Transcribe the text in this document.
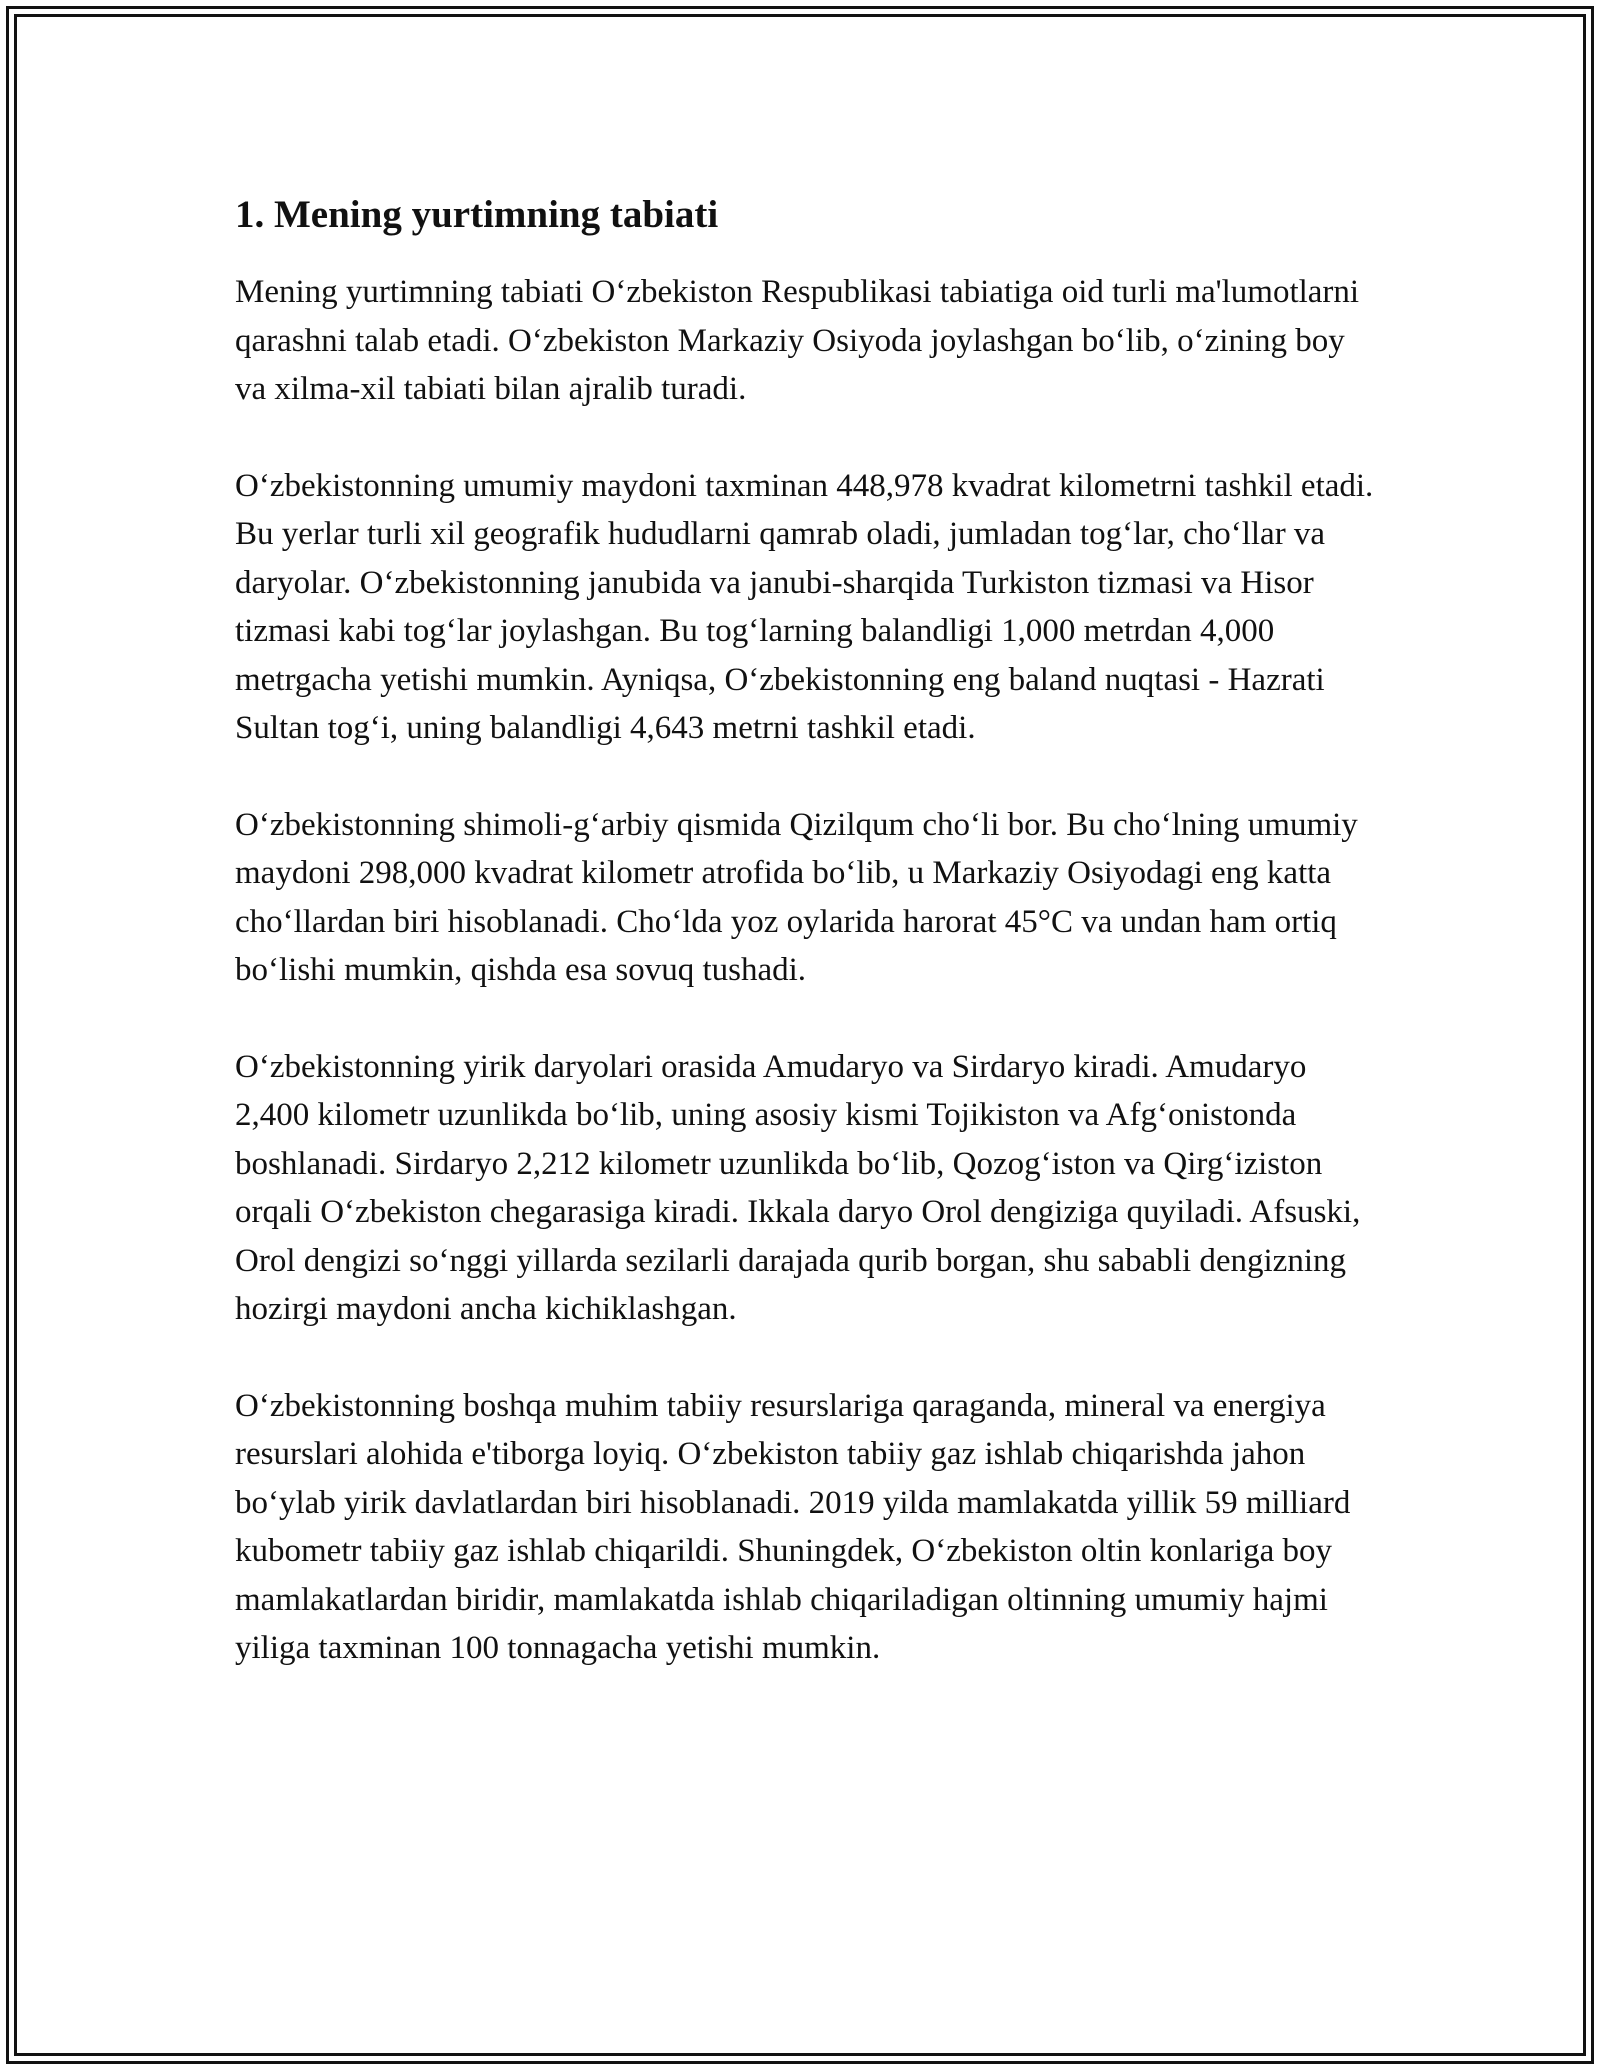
1. Mening yurtimning tabiati

Mening yurtimning tabiati O‘zbekiston Respublikasi tabiatiga oid turli ma'lumotlarni qarashni talab etadi. O‘zbekiston Markaziy Osiyoda joylashgan bo‘lib, o‘zining boy va xilma-xil tabiati bilan ajralib turadi.

O‘zbekistonning umumiy maydoni taxminan 448,978 kvadrat kilometrni tashkil etadi. Bu yerlar turli xil geografik hududlarni qamrab oladi, jumladan tog‘lar, cho‘llar va daryolar. O‘zbekistonning janubida va janubi-sharqida Turkiston tizmasi va Hisor tizmasi kabi tog‘lar joylashgan. Bu tog‘larning balandligi 1,000 metrdan 4,000 metrgacha yetishi mumkin. Ayniqsa, O‘zbekistonning eng baland nuqtasi - Hazrati Sultan tog‘i, uning balandligi 4,643 metrni tashkil etadi.

O‘zbekistonning shimoli-g‘arbiy qismida Qizilqum cho‘li bor. Bu cho‘lning umumiy maydoni 298,000 kvadrat kilometr atrofida bo‘lib, u Markaziy Osiyodagi eng katta cho‘llardan biri hisoblanadi. Cho‘lda yoz oylarida harorat 45°C va undan ham ortiq bo‘lishi mumkin, qishda esa sovuq tushadi.

O‘zbekistonning yirik daryolari orasida Amudaryo va Sirdaryo kiradi. Amudaryo 2,400 kilometr uzunlikda bo‘lib, uning asosiy kismi Tojikiston va Afg‘onistonda boshlanadi. Sirdaryo 2,212 kilometr uzunlikda bo‘lib, Qozog‘iston va Qirg‘iziston orqali O‘zbekiston chegarasiga kiradi. Ikkala daryo Orol dengiziga quyiladi. Afsuski, Orol dengizi so‘nggi yillarda sezilarli darajada qurib borgan, shu sababli dengizning hozirgi maydoni ancha kichiklashgan.

O‘zbekistonning boshqa muhim tabiiy resurslariga qaraganda, mineral va energiya resurslari alohida e'tiborga loyiq. O‘zbekiston tabiiy gaz ishlab chiqarishda jahon bo‘ylab yirik davlatlardan biri hisoblanadi. 2019 yilda mamlakatda yillik 59 milliard kubometr tabiiy gaz ishlab chiqarildi. Shuningdek, O‘zbekiston oltin konlariga boy mamlakatlardan biridir, mamlakatda ishlab chiqariladigan oltinning umumiy hajmi yiliga taxminan 100 tonnagacha yetishi mumkin.
